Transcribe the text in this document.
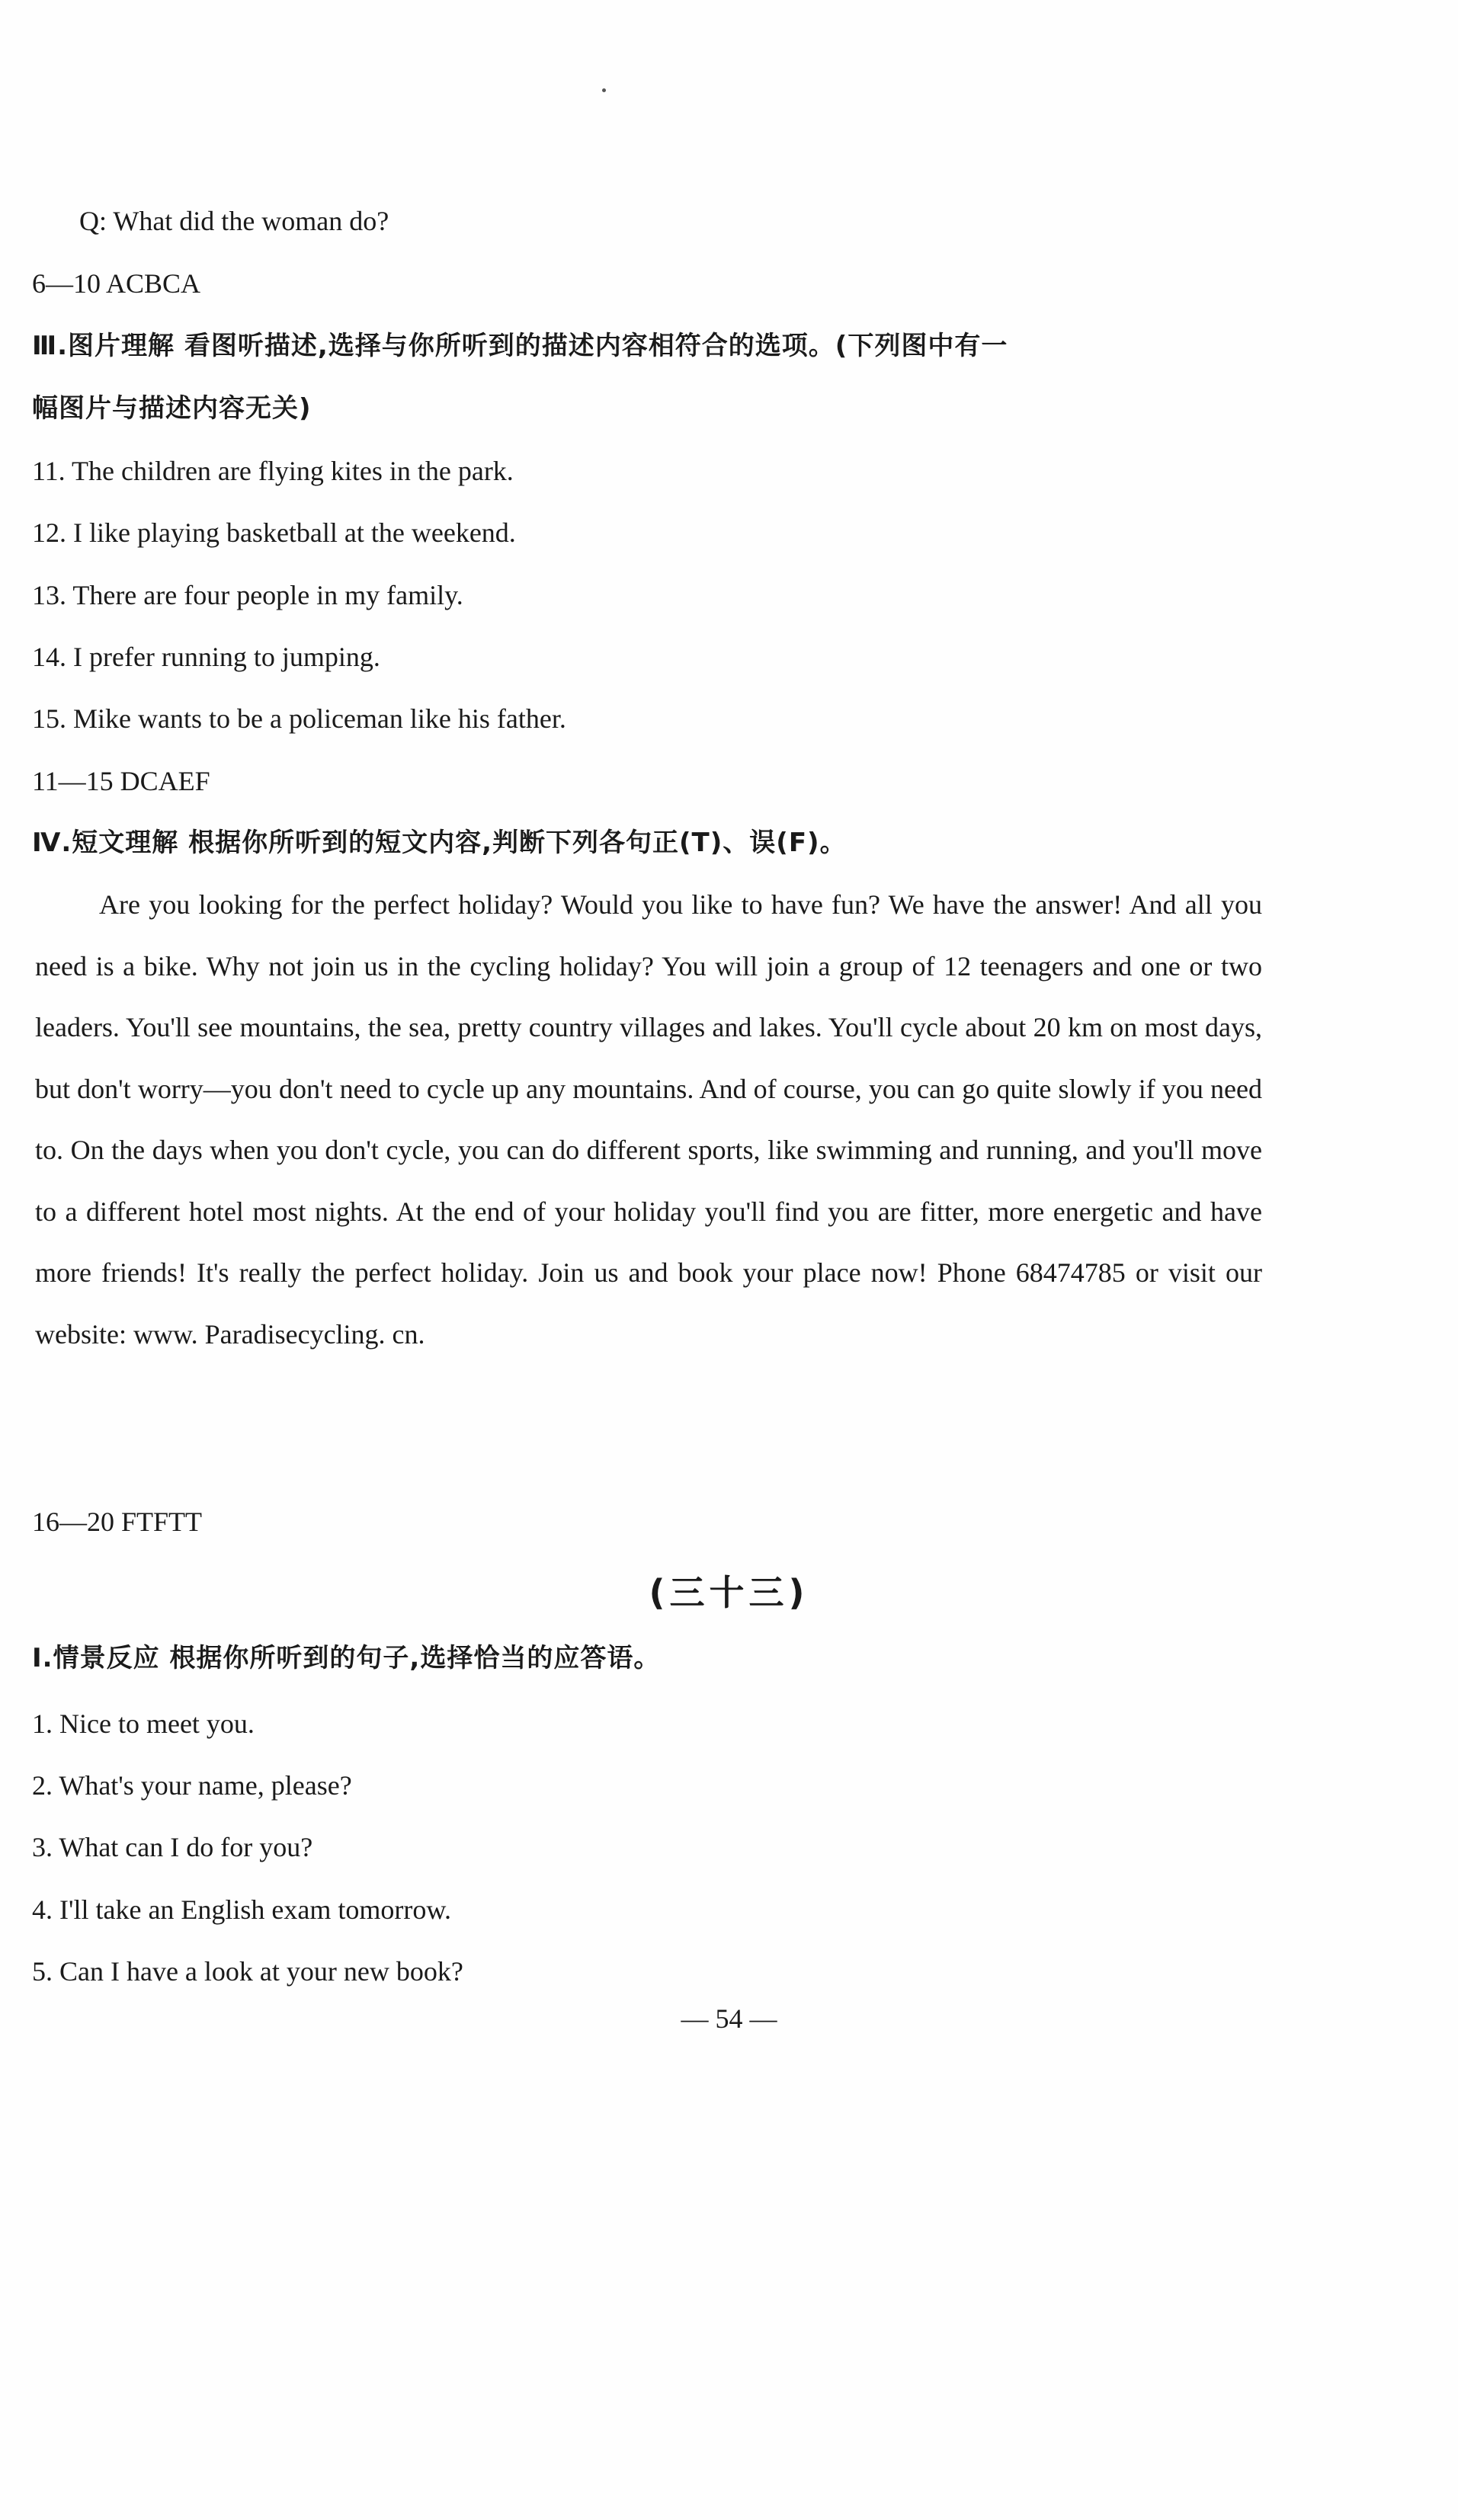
Q: What did the woman do?
6—10 ACBCA
Ⅲ.图片理解 看图听描述,选择与你所听到的描述内容相符合的选项。(下列图中有一
幅图片与描述内容无关)
11. The children are flying kites in the park.
12. I like playing basketball at the weekend.
13. There are four people in my family.
14. I prefer running to jumping.
15. Mike wants to be a policeman like his father.
11—15 DCAEF
Ⅳ.短文理解 根据你所听到的短文内容,判断下列各句正(T)、误(F)。
Are you looking for the perfect holiday? Would you like to have fun? We have the answer! And all you need is a bike. Why not join us in the cycling holiday? You will join a group of 12 teenagers and one or two leaders. You'll see mountains, the sea, pretty country villages and lakes. You'll cycle about 20 km on most days, but don't worry—you don't need to cycle up any mountains. And of course, you can go quite slowly if you need to. On the days when you don't cycle, you can do different sports, like swimming and running, and you'll move to a different hotel most nights. At the end of your holiday you'll find you are fitter, more energetic and have more friends! It's really the perfect holiday. Join us and book your place now! Phone 68474785 or visit our website: www. Paradisecycling. cn.
16—20 FTFTT
(三十三)
Ⅰ.情景反应 根据你所听到的句子,选择恰当的应答语。
1. Nice to meet you.
2. What's your name, please?
3. What can I do for you?
4. I'll take an English exam tomorrow.
5. Can I have a look at your new book?
— 54 —
